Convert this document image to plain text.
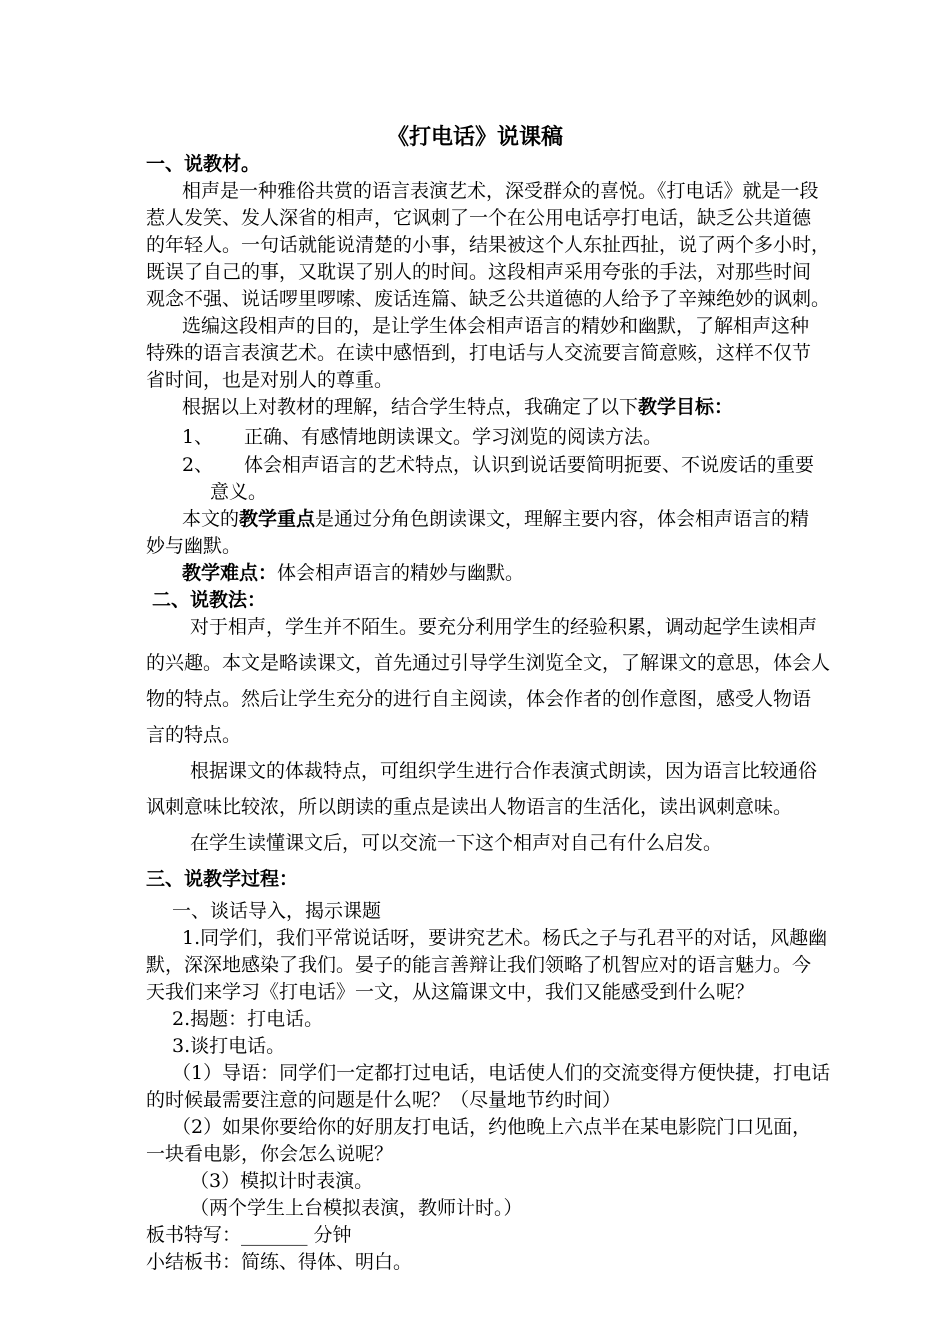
《打电话》说课稿
一、说教材。
相声是一种雅俗共赏的语言表演艺术，深受群众的喜悦。《打电话》就是一段
惹人发笑、发人深省的相声，它讽刺了一个在公用电话亭打电话，缺乏公共道德
的年轻人。一句话就能说清楚的小事，结果被这个人东扯西扯，说了两个多小时，
既误了自己的事，又耽误了别人的时间。这段相声采用夸张的手法，对那些时间
观念不强、说话啰里啰嗦、废话连篇、缺乏公共道德的人给予了辛辣绝妙的讽刺。
选编这段相声的目的，是让学生体会相声语言的精妙和幽默，了解相声这种
特殊的语言表演艺术。在读中感悟到，打电话与人交流要言简意赅，这样不仅节
省时间，也是对别人的尊重。
根据以上对教材的理解，结合学生特点，我确定了以下教学目标：
1、 正确、有感情地朗读课文。学习浏览的阅读方法。
2、 体会相声语言的艺术特点，认识到说话要简明扼要、不说废话的重要
意义。
本文的教学重点是通过分角色朗读课文，理解主要内容，体会相声语言的精
妙与幽默。
教学难点：体会相声语言的精妙与幽默。
二、说教法：
对于相声，学生并不陌生。要充分利用学生的经验积累，调动起学生读相声
的兴趣。本文是略读课文，首先通过引导学生浏览全文，了解课文的意思，体会人
物的特点。然后让学生充分的进行自主阅读，体会作者的创作意图，感受人物语
言的特点。
根据课文的体裁特点，可组织学生进行合作表演式朗读，因为语言比较通俗
讽刺意味比较浓，所以朗读的重点是读出人物语言的生活化，读出讽刺意味。
在学生读懂课文后，可以交流一下这个相声对自己有什么启发。
三、说教学过程：
一、谈话导入，揭示课题
1.同学们，我们平常说话呀，要讲究艺术。杨氏之子与孔君平的对话，风趣幽
默，深深地感染了我们。晏子的能言善辩让我们领略了机智应对的语言魅力。今
天我们来学习《打电话》一文，从这篇课文中，我们又能感受到什么呢？
2.揭题：打电话。
3.谈打电话。
（1）导语：同学们一定都打过电话，电话使人们的交流变得方便快捷，打电话
的时候最需要注意的问题是什么呢？（尽量地节约时间）
（2）如果你要给你的好朋友打电话，约他晚上六点半在某电影院门口见面，
一块看电影，你会怎么说呢？
（3）模拟计时表演。
（两个学生上台模拟表演，教师计时。）
板书特写：_______ 分钟
小结板书：简练、得体、明白。
